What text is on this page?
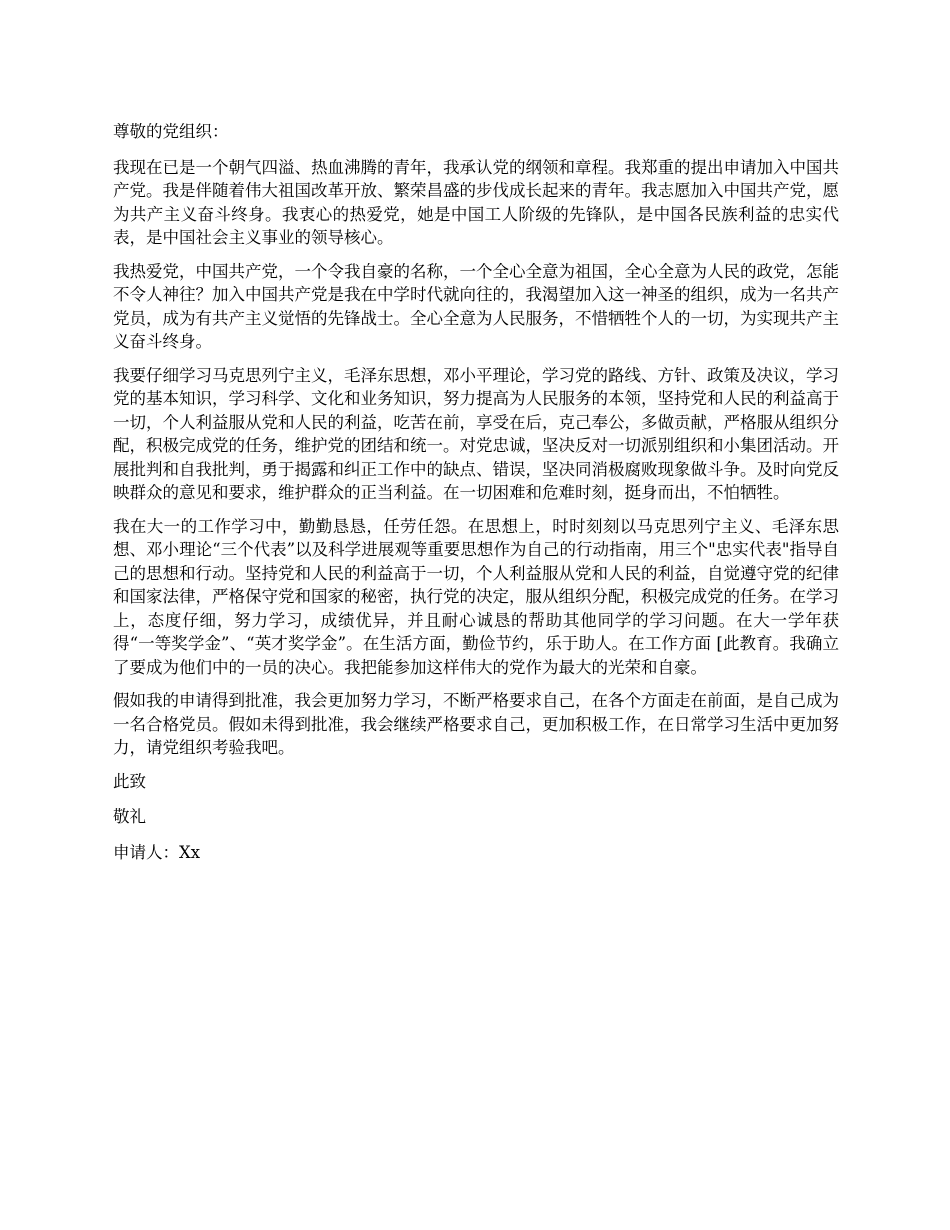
尊敬的党组织：

我现在已是一个朝气四溢、热血沸腾的青年，我承认党的纲领和章程。我郑重的提出申请加入中国共产党。我是伴随着伟大祖国改革开放、繁荣昌盛的步伐成长起来的青年。我志愿加入中国共产党，愿为共产主义奋斗终身。我衷心的热爱党，她是中国工人阶级的先锋队，是中国各民族利益的忠实代表，是中国社会主义事业的领导核心。

我热爱党，中国共产党，一个令我自豪的名称，一个全心全意为祖国，全心全意为人民的政党，怎能不令人神往？加入中国共产党是我在中学时代就向往的，我渴望加入这一神圣的组织，成为一名共产党员，成为有共产主义觉悟的先锋战士。全心全意为人民服务，不惜牺牲个人的一切，为实现共产主义奋斗终身。

我要仔细学习马克思列宁主义，毛泽东思想，邓小平理论，学习党的路线、方针、政策及决议，学习党的基本知识，学习科学、文化和业务知识，努力提高为人民服务的本领，坚持党和人民的利益高于一切，个人利益服从党和人民的利益，吃苦在前，享受在后，克己奉公，多做贡献，严格服从组织分配，积极完成党的任务，维护党的团结和统一。对党忠诚，坚决反对一切派别组织和小集团活动。开展批判和自我批判，勇于揭露和纠正工作中的缺点、错误，坚决同消极腐败现象做斗争。及时向党反映群众的意见和要求，维护群众的正当利益。在一切困难和危难时刻，挺身而出，不怕牺牲。

我在大一的工作学习中，勤勤恳恳，任劳任怨。在思想上，时时刻刻以马克思列宁主义、毛泽东思想、邓小理论“三个代表”以及科学进展观等重要思想作为自己的行动指南，用三个"忠实代表"指导自己的思想和行动。坚持党和人民的利益高于一切，个人利益服从党和人民的利益，自觉遵守党的纪律和国家法律，严格保守党和国家的秘密，执行党的决定，服从组织分配，积极完成党的任务。在学习上，态度仔细，努力学习，成绩优异，并且耐心诚恳的帮助其他同学的学习问题。在大一学年获得“一等奖学金”、“英才奖学金”。在生活方面，勤俭节约，乐于助人。在工作方面 [此教育。我确立了要成为他们中的一员的决心。我把能参加这样伟大的党作为最大的光荣和自豪。

假如我的申请得到批准，我会更加努力学习，不断严格要求自己，在各个方面走在前面，是自己成为一名合格党员。假如未得到批准，我会继续严格要求自己，更加积极工作，在日常学习生活中更加努力，请党组织考验我吧。

此致

敬礼

申请人：Xx
